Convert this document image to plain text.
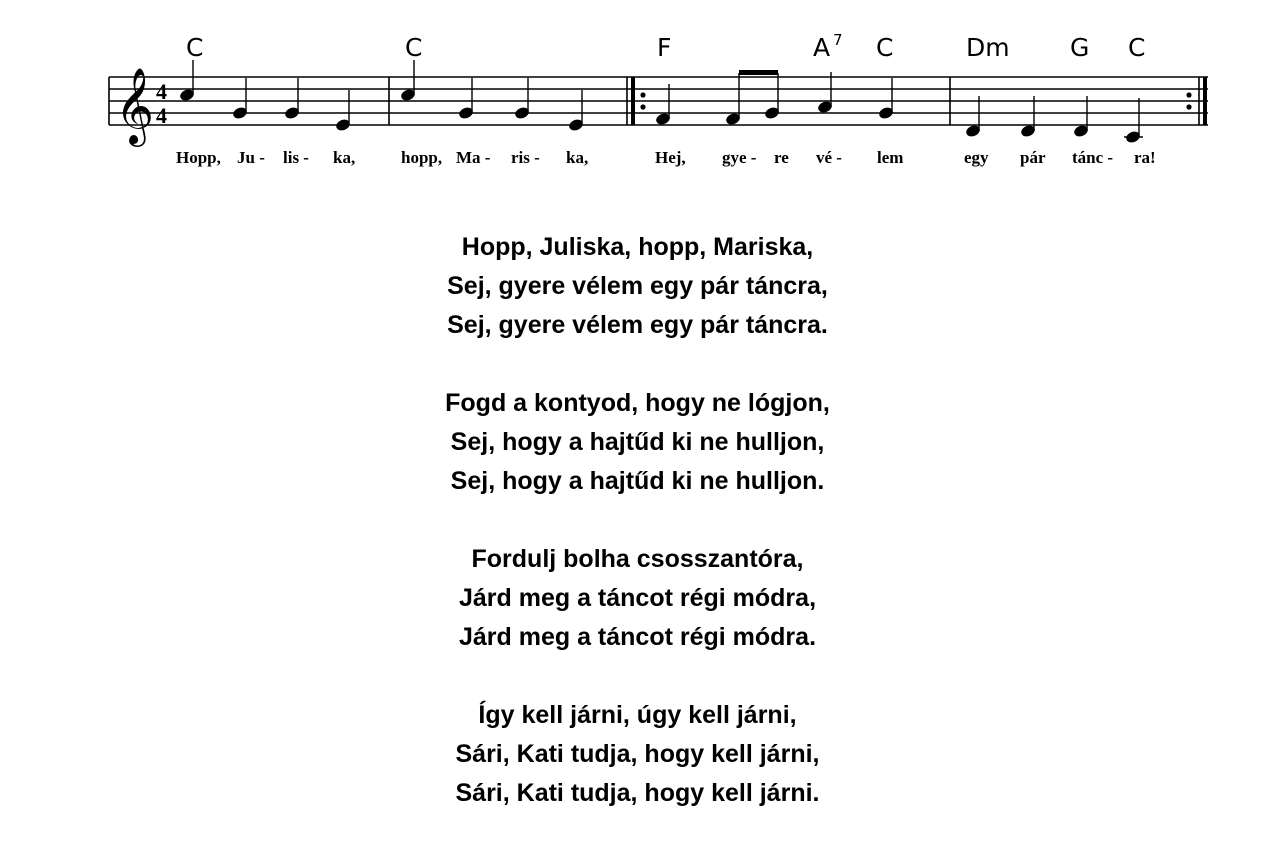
𝄞 4
4
C	C	F	A 7 C	Dm G C
Hopp, Ju - lis - ka,	hopp, Ma - ris - ka,	Hej, gye - re vé - lem	egy pár tánc - ra!
Hopp, Juliska, hopp, Mariska,
Sej, gyere vélem egy pár táncra,
Sej, gyere vélem egy pár táncra.
Fogd a kontyod, hogy ne lógjon,
Sej, hogy a hajtűd ki ne hulljon,
Sej, hogy a hajtűd ki ne hulljon.
Fordulj bolha csosszantóra,
Járd meg a táncot régi módra,
Járd meg a táncot régi módra.
Így kell járni, úgy kell járni,
Sári, Kati tudja, hogy kell járni,
Sári, Kati tudja, hogy kell járni.
